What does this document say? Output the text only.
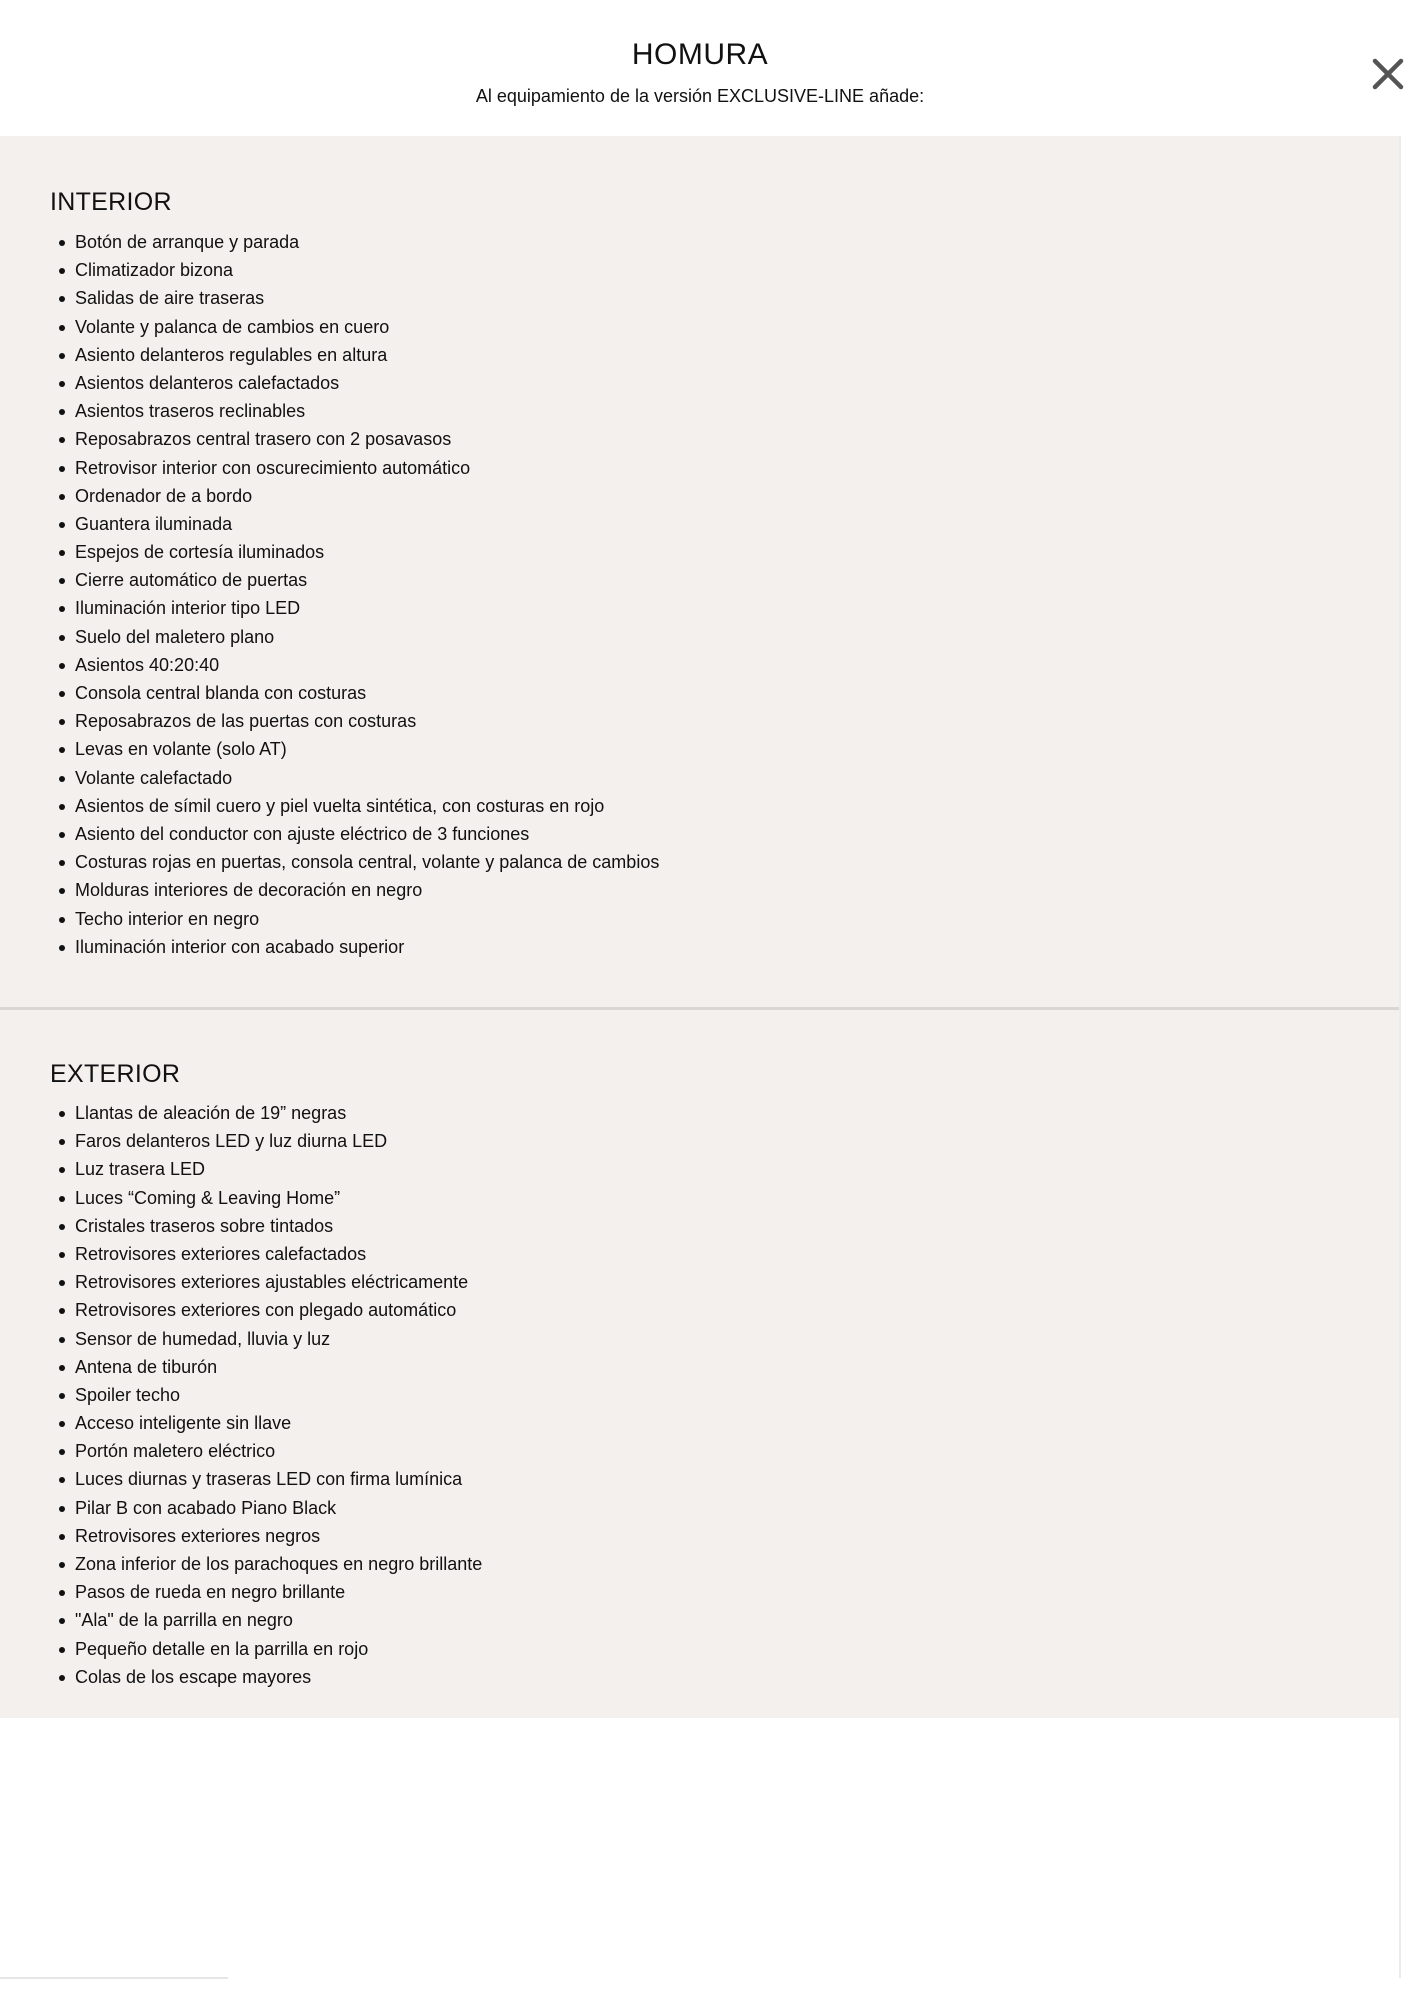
HOMURA
Al equipamiento de la versión EXCLUSIVE-LINE añade:
INTERIOR
Botón de arranque y parada
Climatizador bizona
Salidas de aire traseras
Volante y palanca de cambios en cuero
Asiento delanteros regulables en altura
Asientos delanteros calefactados
Asientos traseros reclinables
Reposabrazos central trasero con 2 posavasos
Retrovisor interior con oscurecimiento automático
Ordenador de a bordo
Guantera iluminada
Espejos de cortesía iluminados
Cierre automático de puertas
Iluminación interior tipo LED
Suelo del maletero plano
Asientos 40:20:40
Consola central blanda con costuras
Reposabrazos de las puertas con costuras
Levas en volante (solo AT)
Volante calefactado
Asientos de símil cuero y piel vuelta sintética, con costuras en rojo
Asiento del conductor con ajuste eléctrico de 3 funciones
Costuras rojas en puertas, consola central, volante y palanca de cambios
Molduras interiores de decoración en negro
Techo interior en negro
Iluminación interior con acabado superior
EXTERIOR
Llantas de aleación de 19” negras
Faros delanteros LED y luz diurna LED
Luz trasera LED
Luces “Coming & Leaving Home”
Cristales traseros sobre tintados
Retrovisores exteriores calefactados
Retrovisores exteriores ajustables eléctricamente
Retrovisores exteriores con plegado automático
Sensor de humedad, lluvia y luz
Antena de tiburón
Spoiler techo
Acceso inteligente sin llave
Portón maletero eléctrico
Luces diurnas y traseras LED con firma lumínica
Pilar B con acabado Piano Black
Retrovisores exteriores negros
Zona inferior de los parachoques en negro brillante
Pasos de rueda en negro brillante
"Ala" de la parrilla en negro
Pequeño detalle en la parrilla en rojo
Colas de los escape mayores
